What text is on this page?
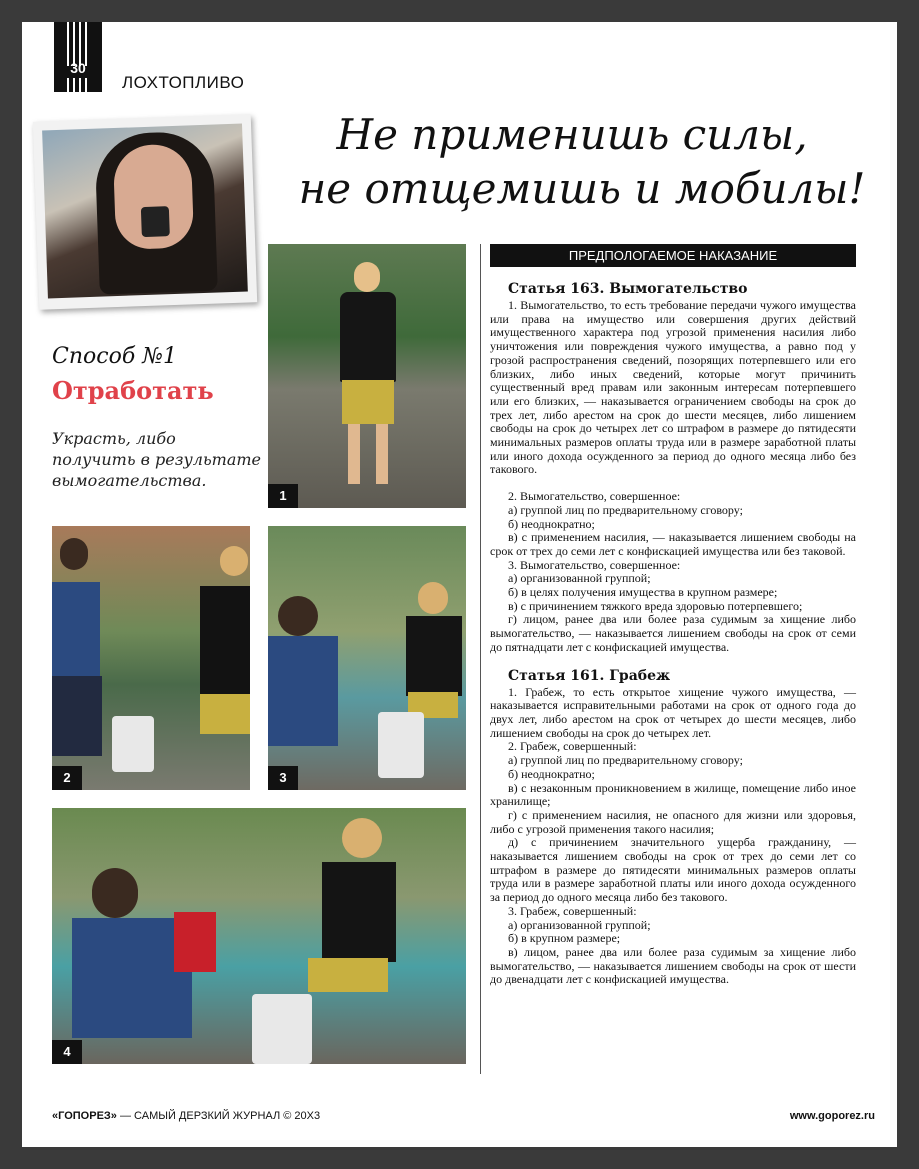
30
ЛОХТОПЛИВО
Не применишь силы,
не отщемишь и мобилы!
Способ №1
Отработать
Украсть, либо получить в результате вымогательства.
1
2	3
4
ПРЕДПОЛОГАЕМОЕ НАКАЗАНИЕ
Статья 163. Вымогательство

1. Вымогательство, то есть требование передачи чужого имущества или права на имущество или совершения других действий имущественного характера под угрозой применения насилия либо уничтожения или повреждения чужого имущества, а равно под у грозой распространения сведений, позорящих потерпевшего или его близких, либо иных сведений, которые могут причинить существенный вред правам или законным интересам потерпевшего или его близких, — наказывается ограничением свободы на срок до трех лет, либо арестом на срок до шести месяцев, либо лишением свободы на срок до четырех лет со штрафом в размере до пятидесяти минимальных размеров оплаты труда или в размере заработной платы или иного дохода осужденного за период до одного месяца либо без такового.

2. Вымогательство, совершенное:

а) группой лиц по предварительному сговору;

б) неоднократно;

в) с применением насилия, — наказывается лишением свободы на срок от трех до семи лет с конфискацией имущества или без таковой.

3. Вымогательство, совершенное:

а) организованной группой;

б) в целях получения имущества в крупном размере;

в) с причинением тяжкого вреда здоровью потерпевшего;

г) лицом, ранее два или более раза судимым за хищение либо вымогательство, — наказывается лишением свободы на срок от семи до пятнадцати лет с конфискацией имущества.

Статья 161. Грабеж

1. Грабеж, то есть открытое хищение чужого имущества, — наказывается исправительными работами на срок от одного года до двух лет, либо арестом на срок от четырех до шести месяцев, либо лишением свободы на срок до четырех лет.

2. Грабеж, совершенный:

а) группой лиц по предварительному сговору;

б) неоднократно;

в) с незаконным проникновением в жилище, помещение либо иное хранилище;

г) с применением насилия, не опасного для жизни или здоровья, либо с угрозой применения такого насилия;

д) с причинением значительного ущерба гражданину, — наказывается лишением свободы на срок от трех до семи лет со штрафом в размере до пятидесяти минимальных размеров оплаты труда или в размере заработной платы или иного дохода осужденного за период до одного месяца либо без такового.

3. Грабеж, совершенный:

а) организованной группой;

б) в крупном размере;

в) лицом, ранее два или более раза судимым за хищение либо вымогательство, — наказывается лишением свободы на срок от шести до двенадцати лет с конфискацией имущества.

«ГОПОРЕЗ» — САМЫЙ ДЕРЗКИЙ ЖУРНАЛ © 20Х3	www.goporez.ru
